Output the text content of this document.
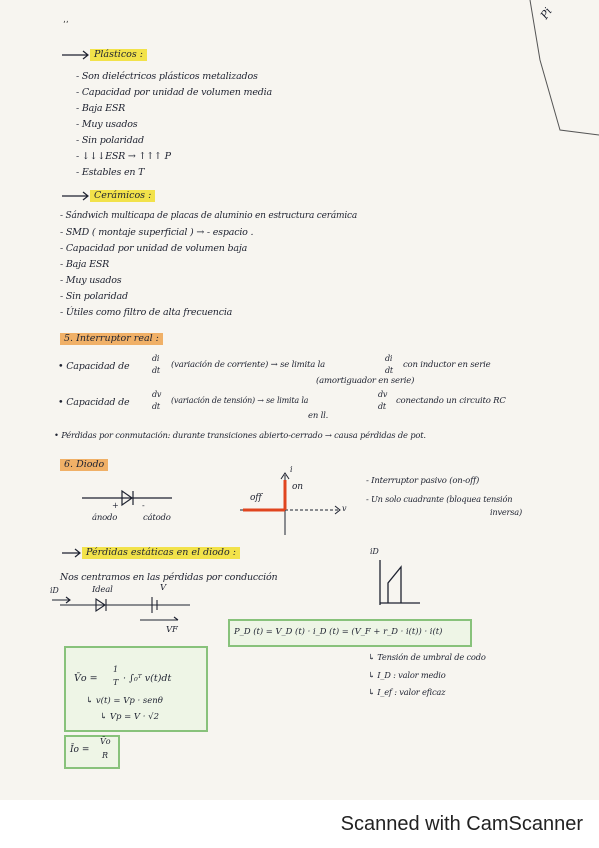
,,	Pi
Plásticos :
- Son dieléctricos plásticos metalizados
- Capacidad por unidad de volumen media
- Baja ESR
- Muy usados
- Sin polaridad
- ↓↓↓ESR → ↑↑↑ P
- Estables en T
Cerámicos :
- Sándwich multicapa de placas de aluminio en estructura cerámica
- SMD ( montaje superficial ) → - espacio .
- Capacidad por unidad de volumen baja
- Baja ESR
- Muy usados
- Sin polaridad
- Útiles como filtro de alta frecuencia
5. Interruptor real :
• Capacidad de
di
dt
(variación de corriente) → se limita la
di
dt
con inductor en serie
(amortiguador en serie)
• Capacidad de
dv
dt
(variación de tensión) → se limita la
dv
dt
conectando un circuito RC
en ll.
• Pérdidas por conmutación: durante transiciones abierto-cerrado → causa pérdidas de pot.
6. Diodo
+	-
ánodo	cátodo
off
on
i
v
- Interruptor pasivo (on-off)
- Un solo cuadrante (bloquea tensión
inversa)
Pérdidas estáticas en el diodo :
Nos centramos en las pérdidas por conducción
iD	Ideal	V
VF
iD
P_D (t) = V_D (t) · i_D (t) = (V_F + r_D · i(t)) · i(t)
↳ Tensión de umbral de codo
↳ I_D : valor medio
↳ I_ef : valor eficaz
V̄o =
1
T · ∫₀ᵀ v(t)dt
↳ v(t) = Vp · senθ
↳ Vp = V · √2
Īo =
V̄o
R
Scanned with CamScanner
